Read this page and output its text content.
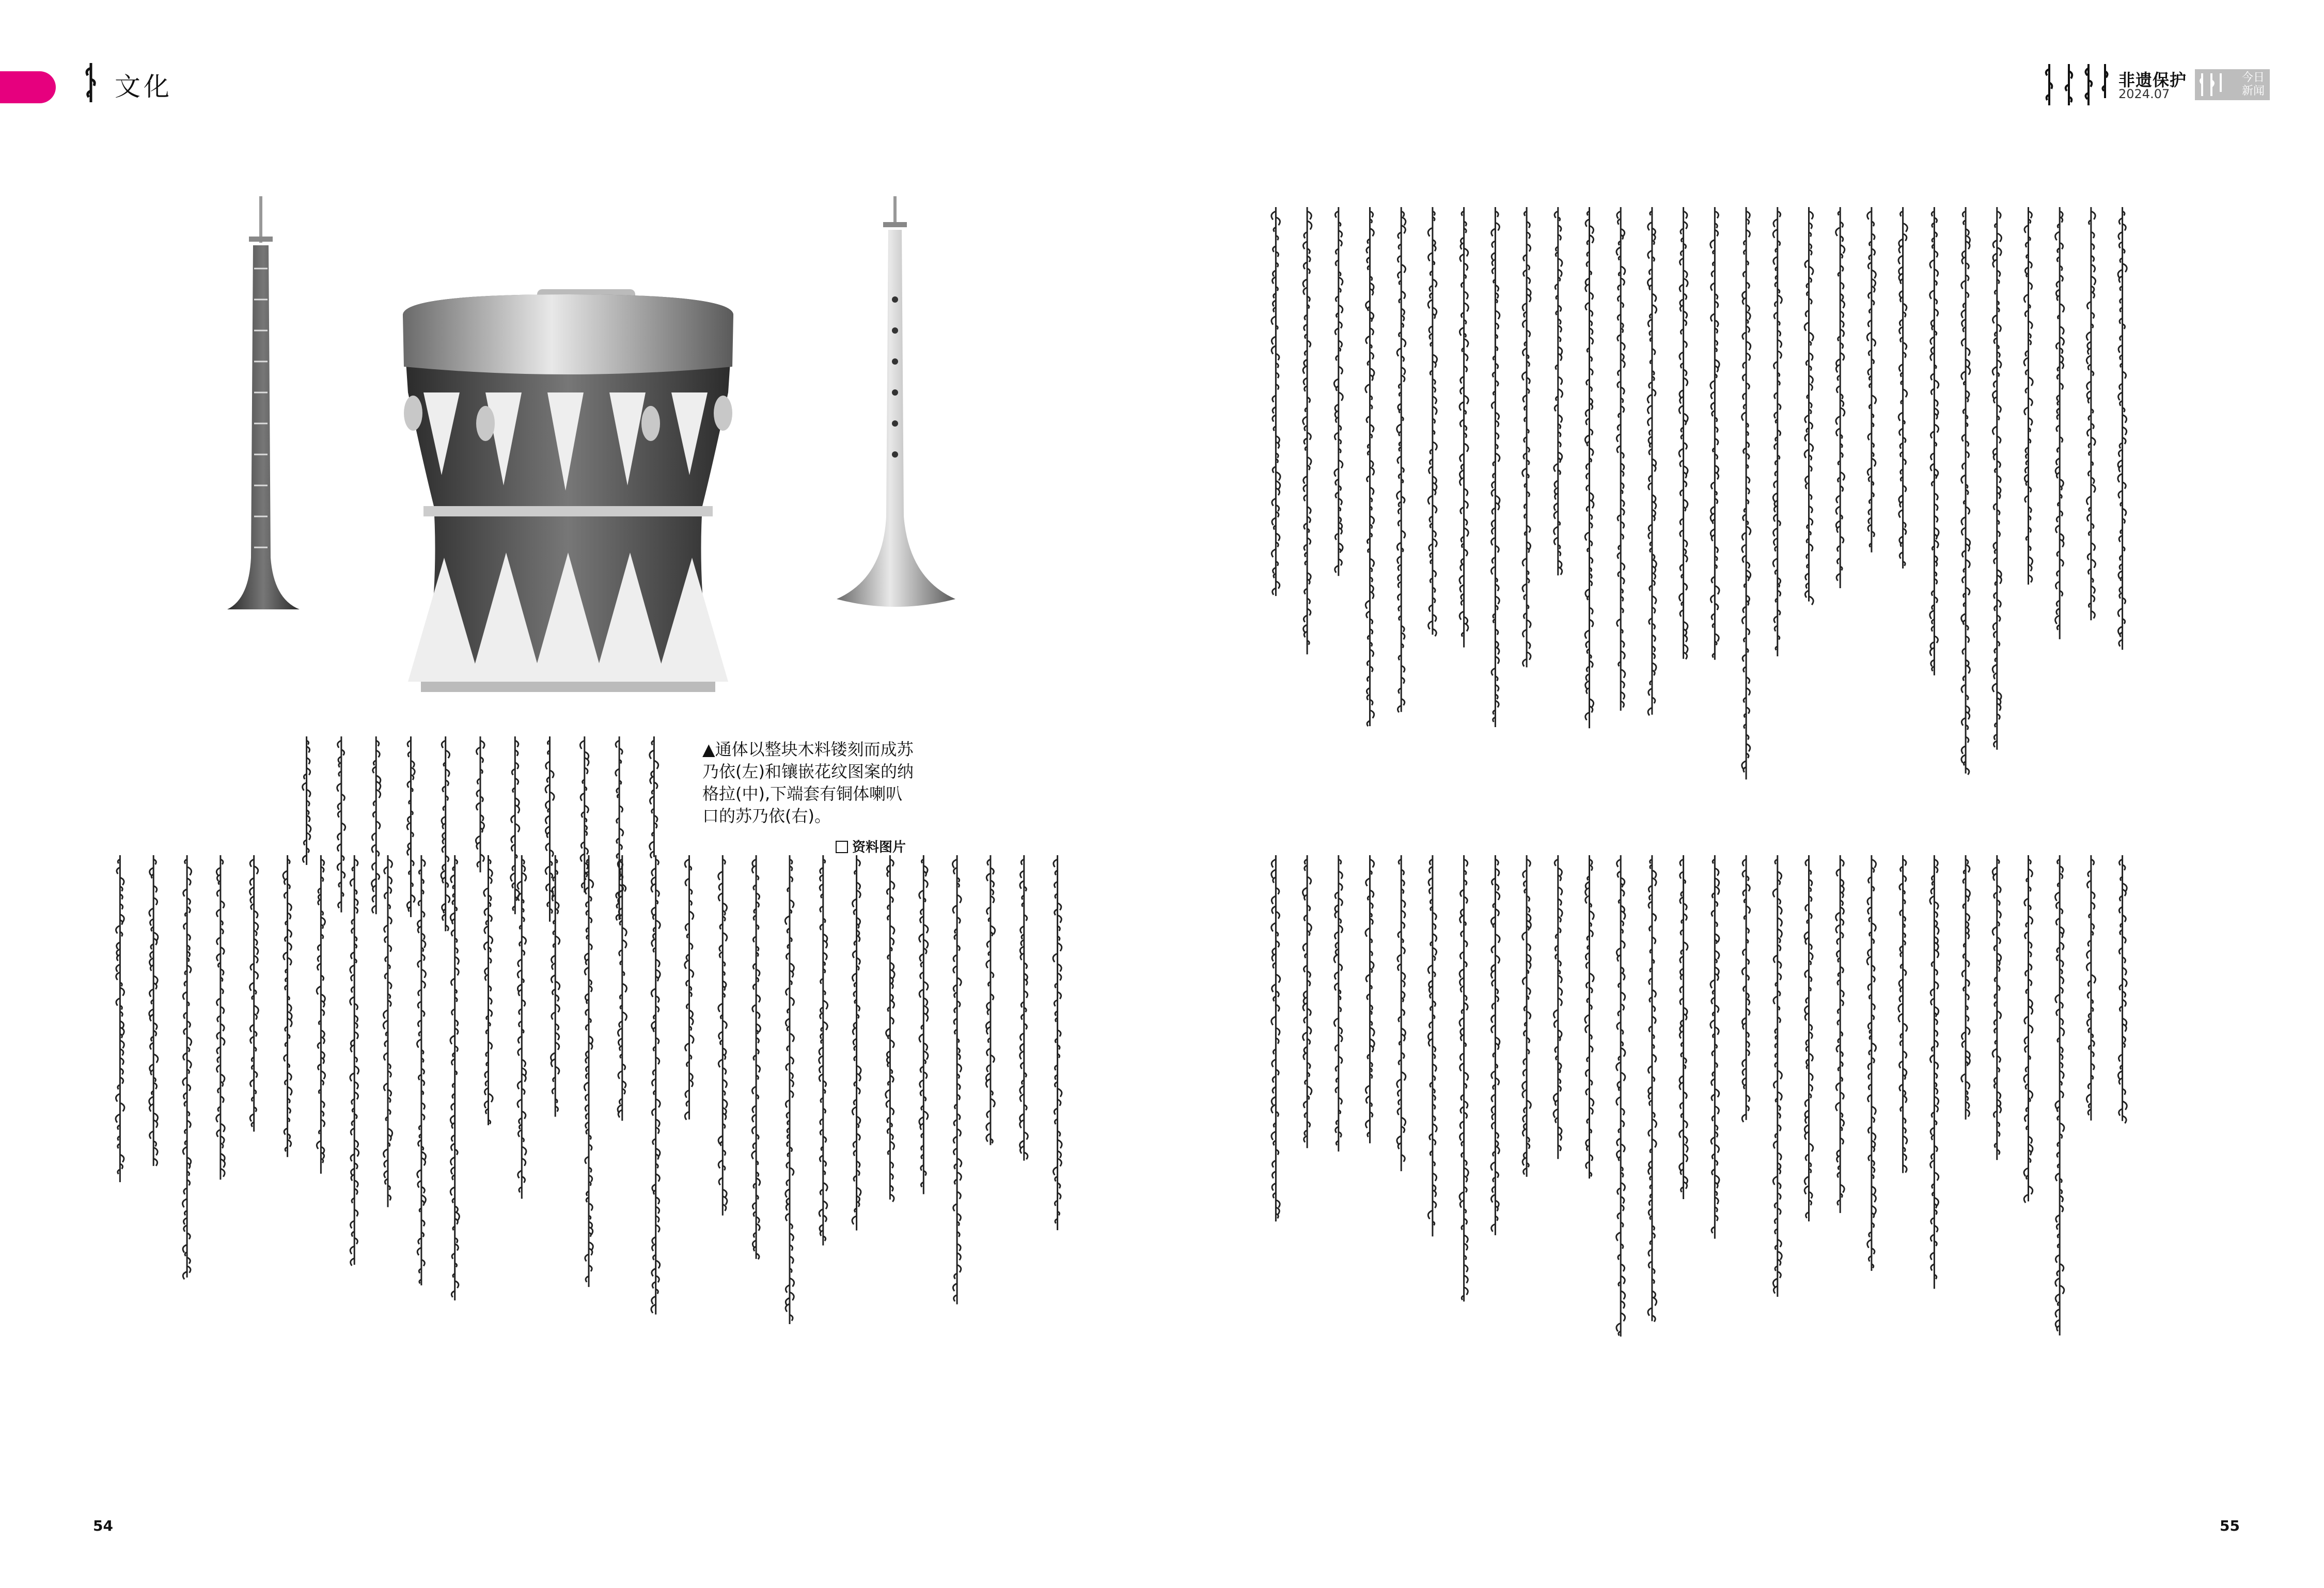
文化	非遗保护
2024.07
今日
新闻
▲通体以整块木料镂刻而成苏乃依(左)和镶嵌花纹图案的纳格拉(中),下端套有铜体喇叭口的苏乃依(右)。
资料图片
54	55
